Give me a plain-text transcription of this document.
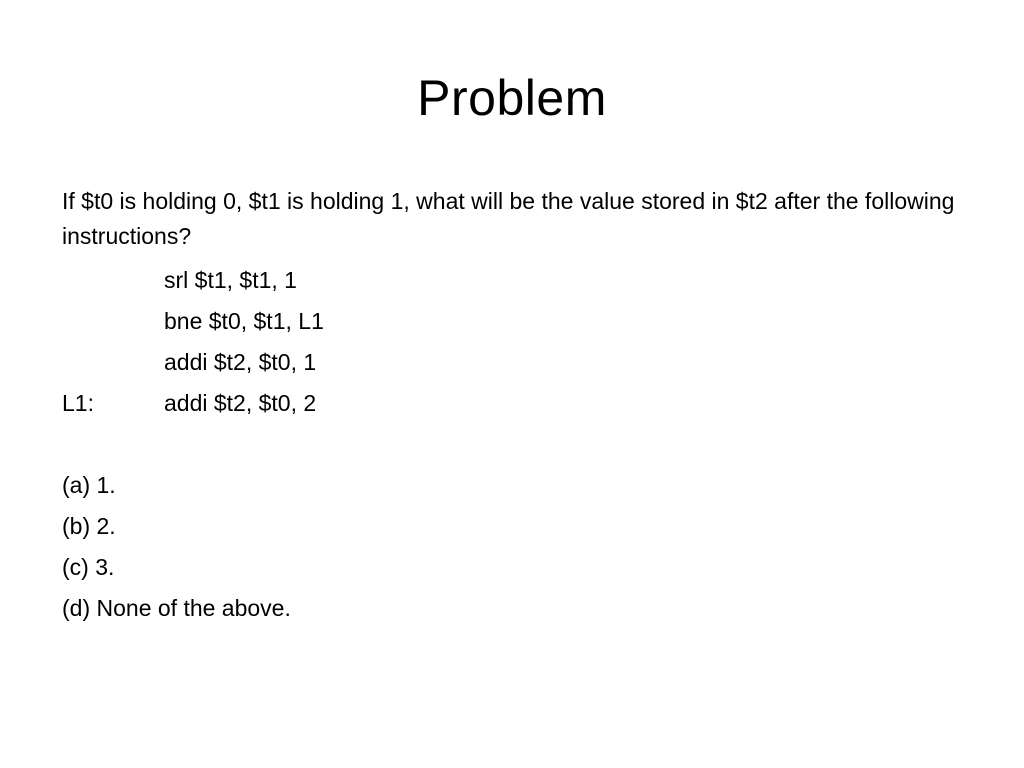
Problem

If $t0 is holding 0, $t1 is holding 1, what will be the value stored in $t2 after the following instructions?

srl $t1, $t1, 1
bne $t0, $t1, L1
addi $t2, $t0, 1
L1:	addi $t2, $t0, 2
(a) 1.
(b) 2.
(c) 3.
(d) None of the above.
